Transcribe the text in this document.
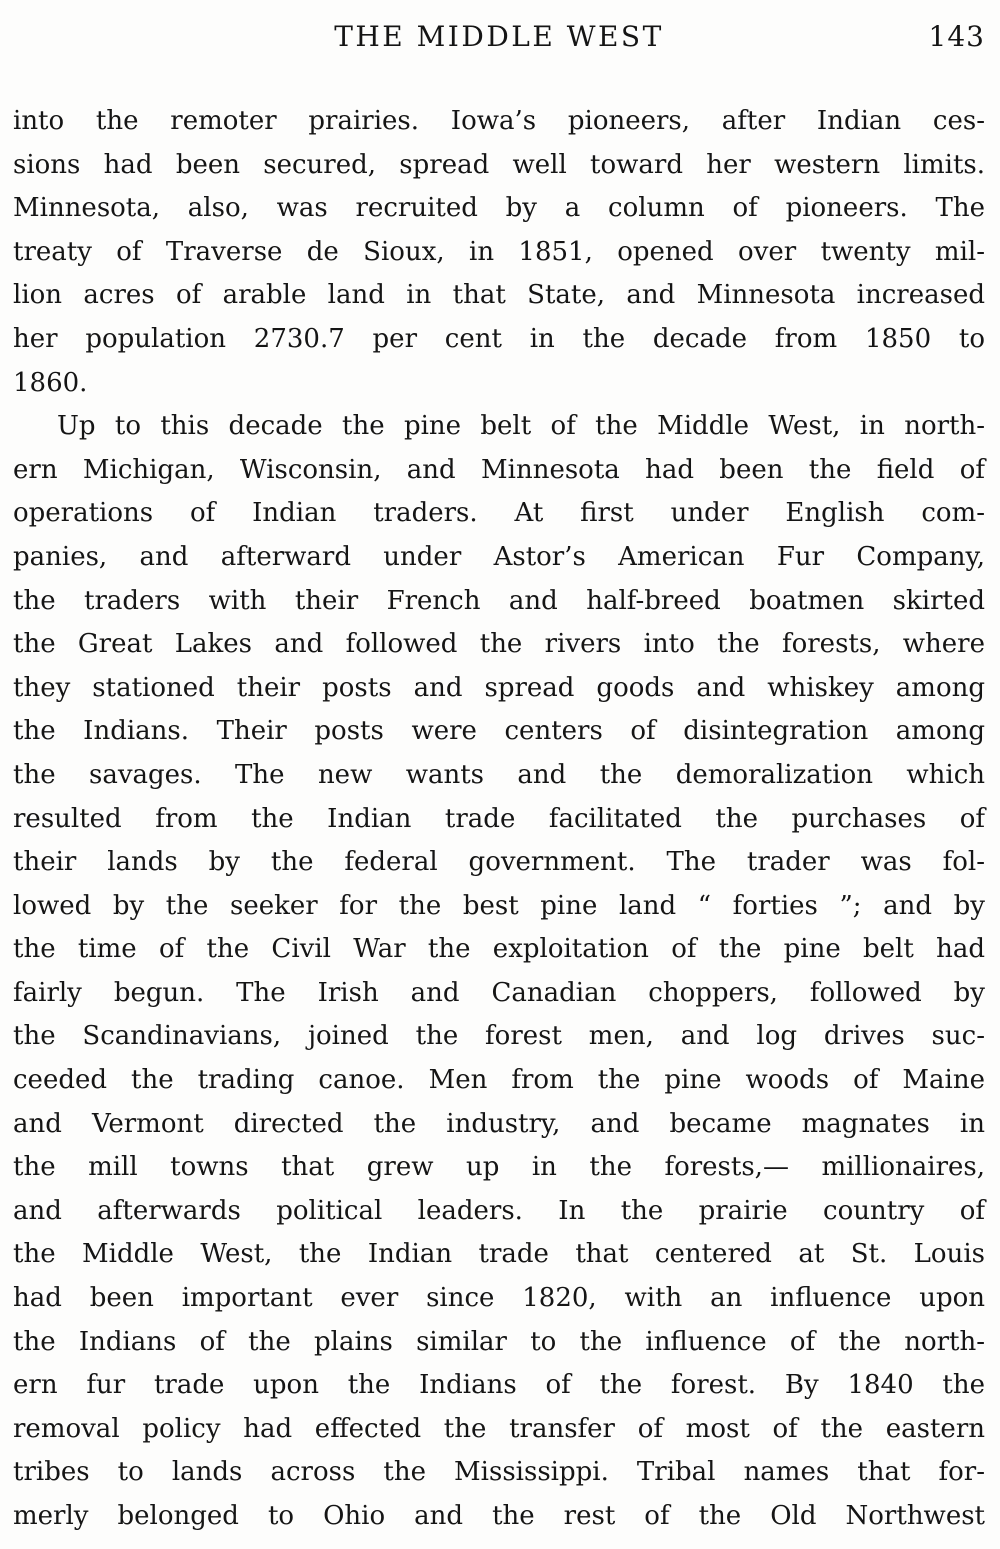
THE MIDDLE WEST	143
into the remoter prairies. Iowa’s pioneers, after Indian ces-
sions had been secured, spread well toward her western limits.
Minnesota, also, was recruited by a column of pioneers. The
treaty of Traverse de Sioux, in 1851, opened over twenty mil-
lion acres of arable land in that State, and Minnesota increased
her population 2730.7 per cent in the decade from 1850 to
1860.
Up to this decade the pine belt of the Middle West, in north-
ern Michigan, Wisconsin, and Minnesota had been the field of
operations of Indian traders. At first under English com-
panies, and afterward under Astor’s American Fur Company,
the traders with their French and half-breed boatmen skirted
the Great Lakes and followed the rivers into the forests, where
they stationed their posts and spread goods and whiskey among
the Indians. Their posts were centers of disintegration among
the savages. The new wants and the demoralization which
resulted from the Indian trade facilitated the purchases of
their lands by the federal government. The trader was fol-
lowed by the seeker for the best pine land “ forties ”; and by
the time of the Civil War the exploitation of the pine belt had
fairly begun. The Irish and Canadian choppers, followed by
the Scandinavians, joined the forest men, and log drives suc-
ceeded the trading canoe. Men from the pine woods of Maine
and Vermont directed the industry, and became magnates in
the mill towns that grew up in the forests,— millionaires,
and afterwards political leaders. In the prairie country of
the Middle West, the Indian trade that centered at St. Louis
had been important ever since 1820, with an influence upon
the Indians of the plains similar to the influence of the north-
ern fur trade upon the Indians of the forest. By 1840 the
removal policy had effected the transfer of most of the eastern
tribes to lands across the Mississippi. Tribal names that for-
merly belonged to Ohio and the rest of the Old Northwest
